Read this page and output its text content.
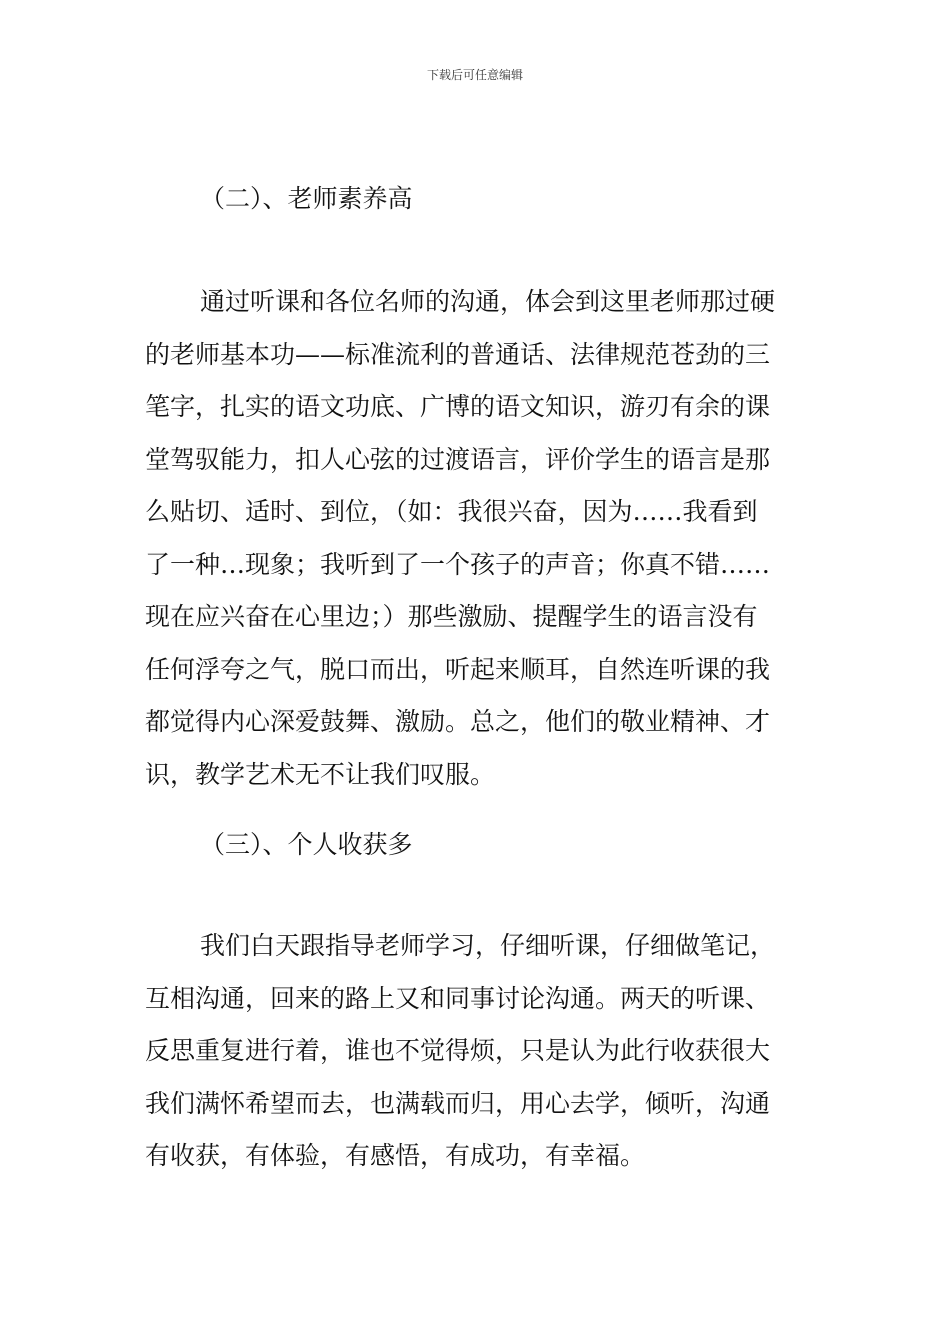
下载后可任意编辑
（二）、老师素养高
通过听课和各位名师的沟通，体会到这里老师那过硬
的老师基本功——标准流利的普通话、法律规范苍劲的三
笔字，扎实的语文功底、广博的语文知识，游刃有余的课
堂驾驭能力，扣人心弦的过渡语言，评价学生的语言是那
么贴切、适时、到位，（如：我很兴奋，因为……我看到
了一种…现象；我听到了一个孩子的声音；你真不错……
现在应兴奋在心里边；）那些激励、提醒学生的语言没有
任何浮夸之气，脱口而出，听起来顺耳，自然连听课的我
都觉得内心深爱鼓舞、激励。总之，他们的敬业精神、才
识，教学艺术无不让我们叹服。
（三）、个人收获多
我们白天跟指导老师学习，仔细听课，仔细做笔记，
互相沟通，回来的路上又和同事讨论沟通。两天的听课、
反思重复进行着，谁也不觉得烦，只是认为此行收获很大
我们满怀希望而去，也满载而归，用心去学，倾听，沟通
有收获，有体验，有感悟，有成功，有幸福。
